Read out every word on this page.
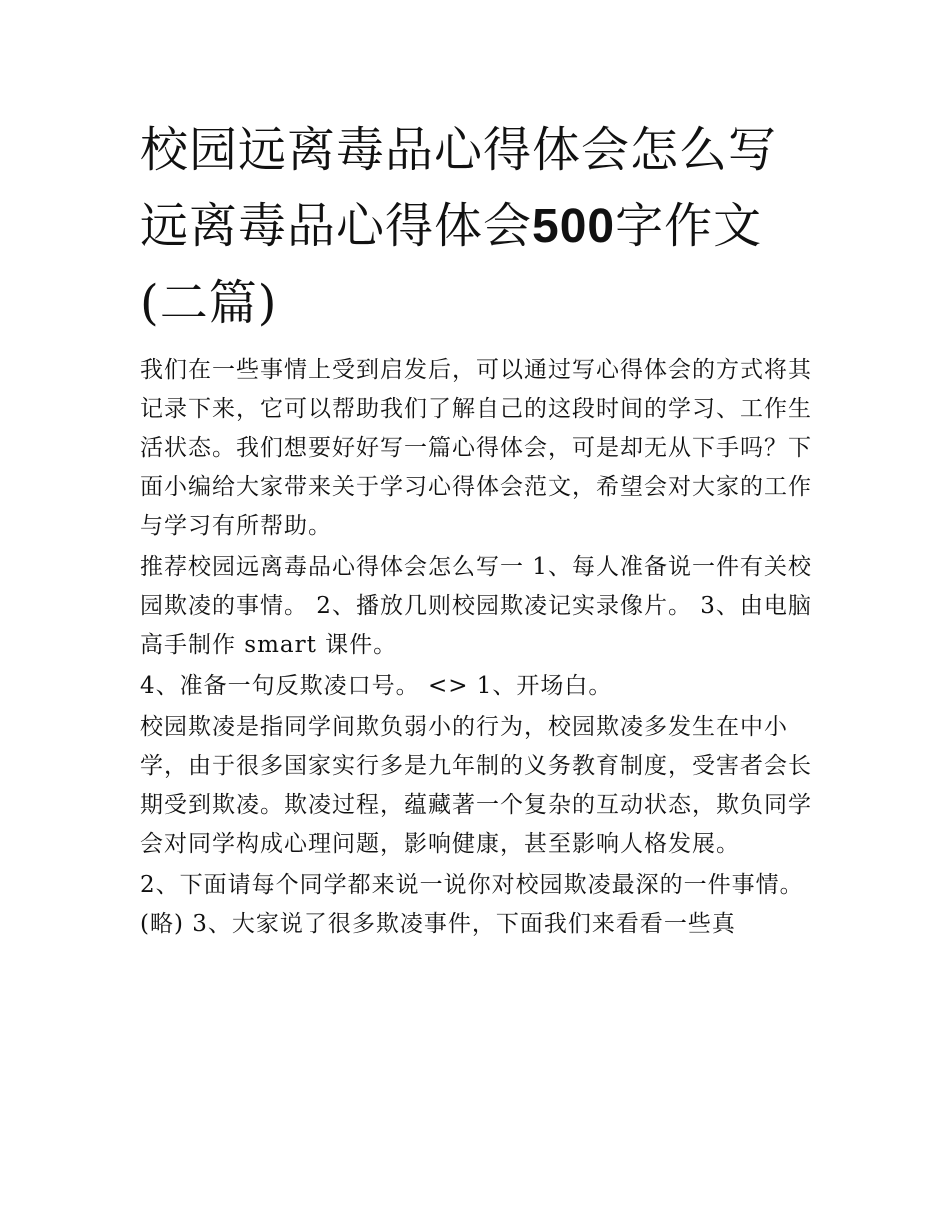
校园远离毒品心得体会怎么写远离毒品心得体会500字作文(二篇)

我们在一些事情上受到启发后，可以通过写心得体会的方式将其记录下来，它可以帮助我们了解自己的这段时间的学习、工作生活状态。我们想要好好写一篇心得体会，可是却无从下手吗？下面小编给大家带来关于学习心得体会范文，希望会对大家的工作与学习有所帮助。

推荐校园远离毒品心得体会怎么写一 1、每人准备说一件有关校园欺凌的事情。 2、播放几则校园欺凌记实录像片。 3、由电脑高手制作 smart 课件。

4、准备一句反欺凌口号。 <> 1、开场白。

校园欺凌是指同学间欺负弱小的行为，校园欺凌多发生在中小学，由于很多国家实行多是九年制的义务教育制度，受害者会长期受到欺凌。欺凌过程，蕴藏著一个复杂的互动状态，欺负同学会对同学构成心理问题，影响健康，甚至影响人格发展。

2、下面请每个同学都来说一说你对校园欺凌最深的一件事情。(略) 3、大家说了很多欺凌事件，下面我们来看看一些真
